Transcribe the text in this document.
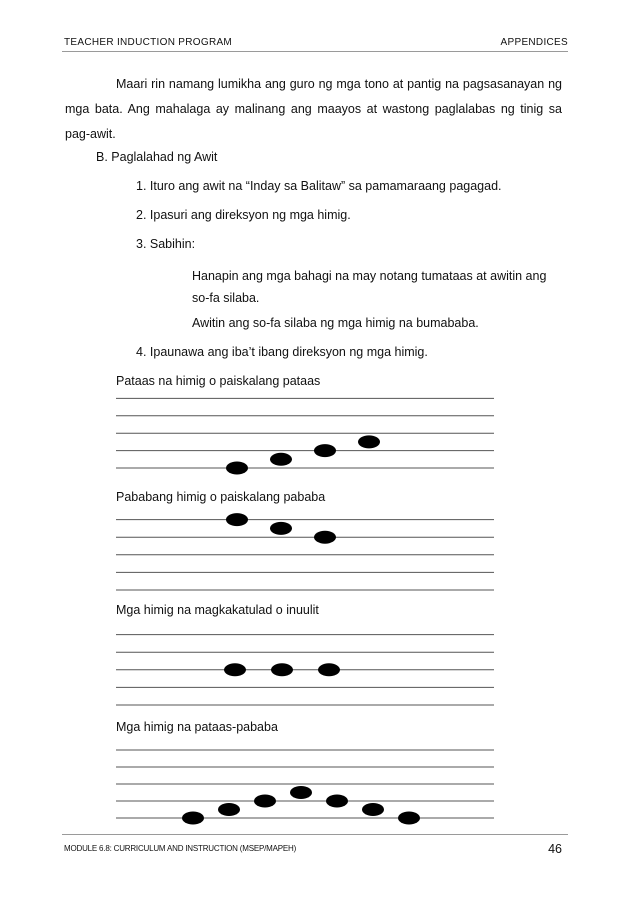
TEACHER INDUCTION PROGRAM	APPENDICES

Maari rin namang lumikha ang guro ng mga tono at pantig na pagsasanayan ng mga bata. Ang mahalaga ay malinang ang maayos at wastong paglalabas ng tinig sa pag-awit.

B. Paglalahad ng Awit

1. Ituro ang awit na “Inday sa Balitaw” sa pamamaraang pagagad.

2. Ipasuri ang direksyon ng mga himig.

3. Sabihin:

Hanapin ang mga bahagi na may notang tumataas at awitin ang so-fa silaba.

Awitin ang so-fa silaba ng mga himig na bumababa.

4. Ipaunawa ang iba’t ibang direksyon ng mga himig.

Pataas na himig o paiskalang pataas

Pababang himig o paiskalang pababa

Mga himig na magkakatulad o inuulit

Mga himig na pataas-pababa

MODULE 6.8: CURRICULUM AND INSTRUCTION (MSEP/MAPEH)	46
